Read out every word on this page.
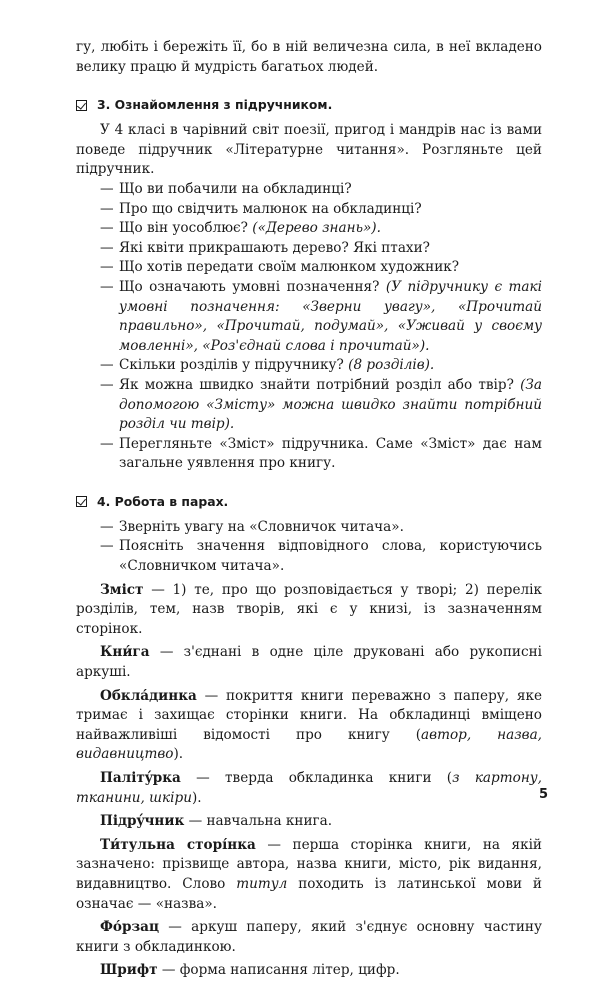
гу, любіть і бережіть її, бо в ній величезна сила, в неї вкладено велику працю й мудрість багатьох людей.

3. Ознайомлення з підручником.

У 4 класі в чарівний світ поезії, пригод і мандрів нас із вами поведе підручник «Літературне читання». Розгляньте цей підручник.

— Що ви побачили на обкладинці?

— Про що свідчить малюнок на обкладинці?

— Що він уособлює? («Дерево знань»).

— Які квіти прикрашають дерево? Які птахи?

— Що хотів передати своїм малюнком художник?

— Що означають умовні позначення? (У підручнику є такі умовні позначення: «Зверни увагу», «Прочитай правильно», «Прочитай, подумай», «Уживай у своєму мовленні», «Роз'єднай слова і прочитай»).

— Скільки розділів у підручнику? (8 розділів).

— Як можна швидко знайти потрібний розділ або твір? (За допомогою «Змісту» можна швидко знайти потрібний розділ чи твір).

— Перегляньте «Зміст» підручника. Саме «Зміст» дає нам загальне уявлення про книгу.

4. Робота в парах.

— Зверніть увагу на «Словничок читача».

— Поясніть значення відповідного слова, користуючись «Словничком читача».

Зміст — 1) те, про що розповідається у творі; 2) перелік розділів, тем, назв творів, які є у книзі, із зазначенням сторінок.

Кни́га — з'єднані в одне ціле друковані або рукописні аркуші.

Обкла́динка — покриття книги переважно з паперу, яке тримає і захищає сторінки книги. На обкладинці вміщено найважливіші відомості про книгу (автор, назва, видавництво).

Палітýрка — тверда обкладинка книги (з картону, тканини, шкіри).

Підрýчник — навчальна книга.

Ти́тульна сторі́нка — перша сторінка книги, на якій зазначено: прізвище автора, назва книги, місто, рік видання, видавництво. Слово титул походить із латинської мови й означає — «назва».

Фо́рзац — аркуш паперу, який з'єднує основну частину книги з обкладинкою.

Шрифт — форма написання літер, цифр.

5
